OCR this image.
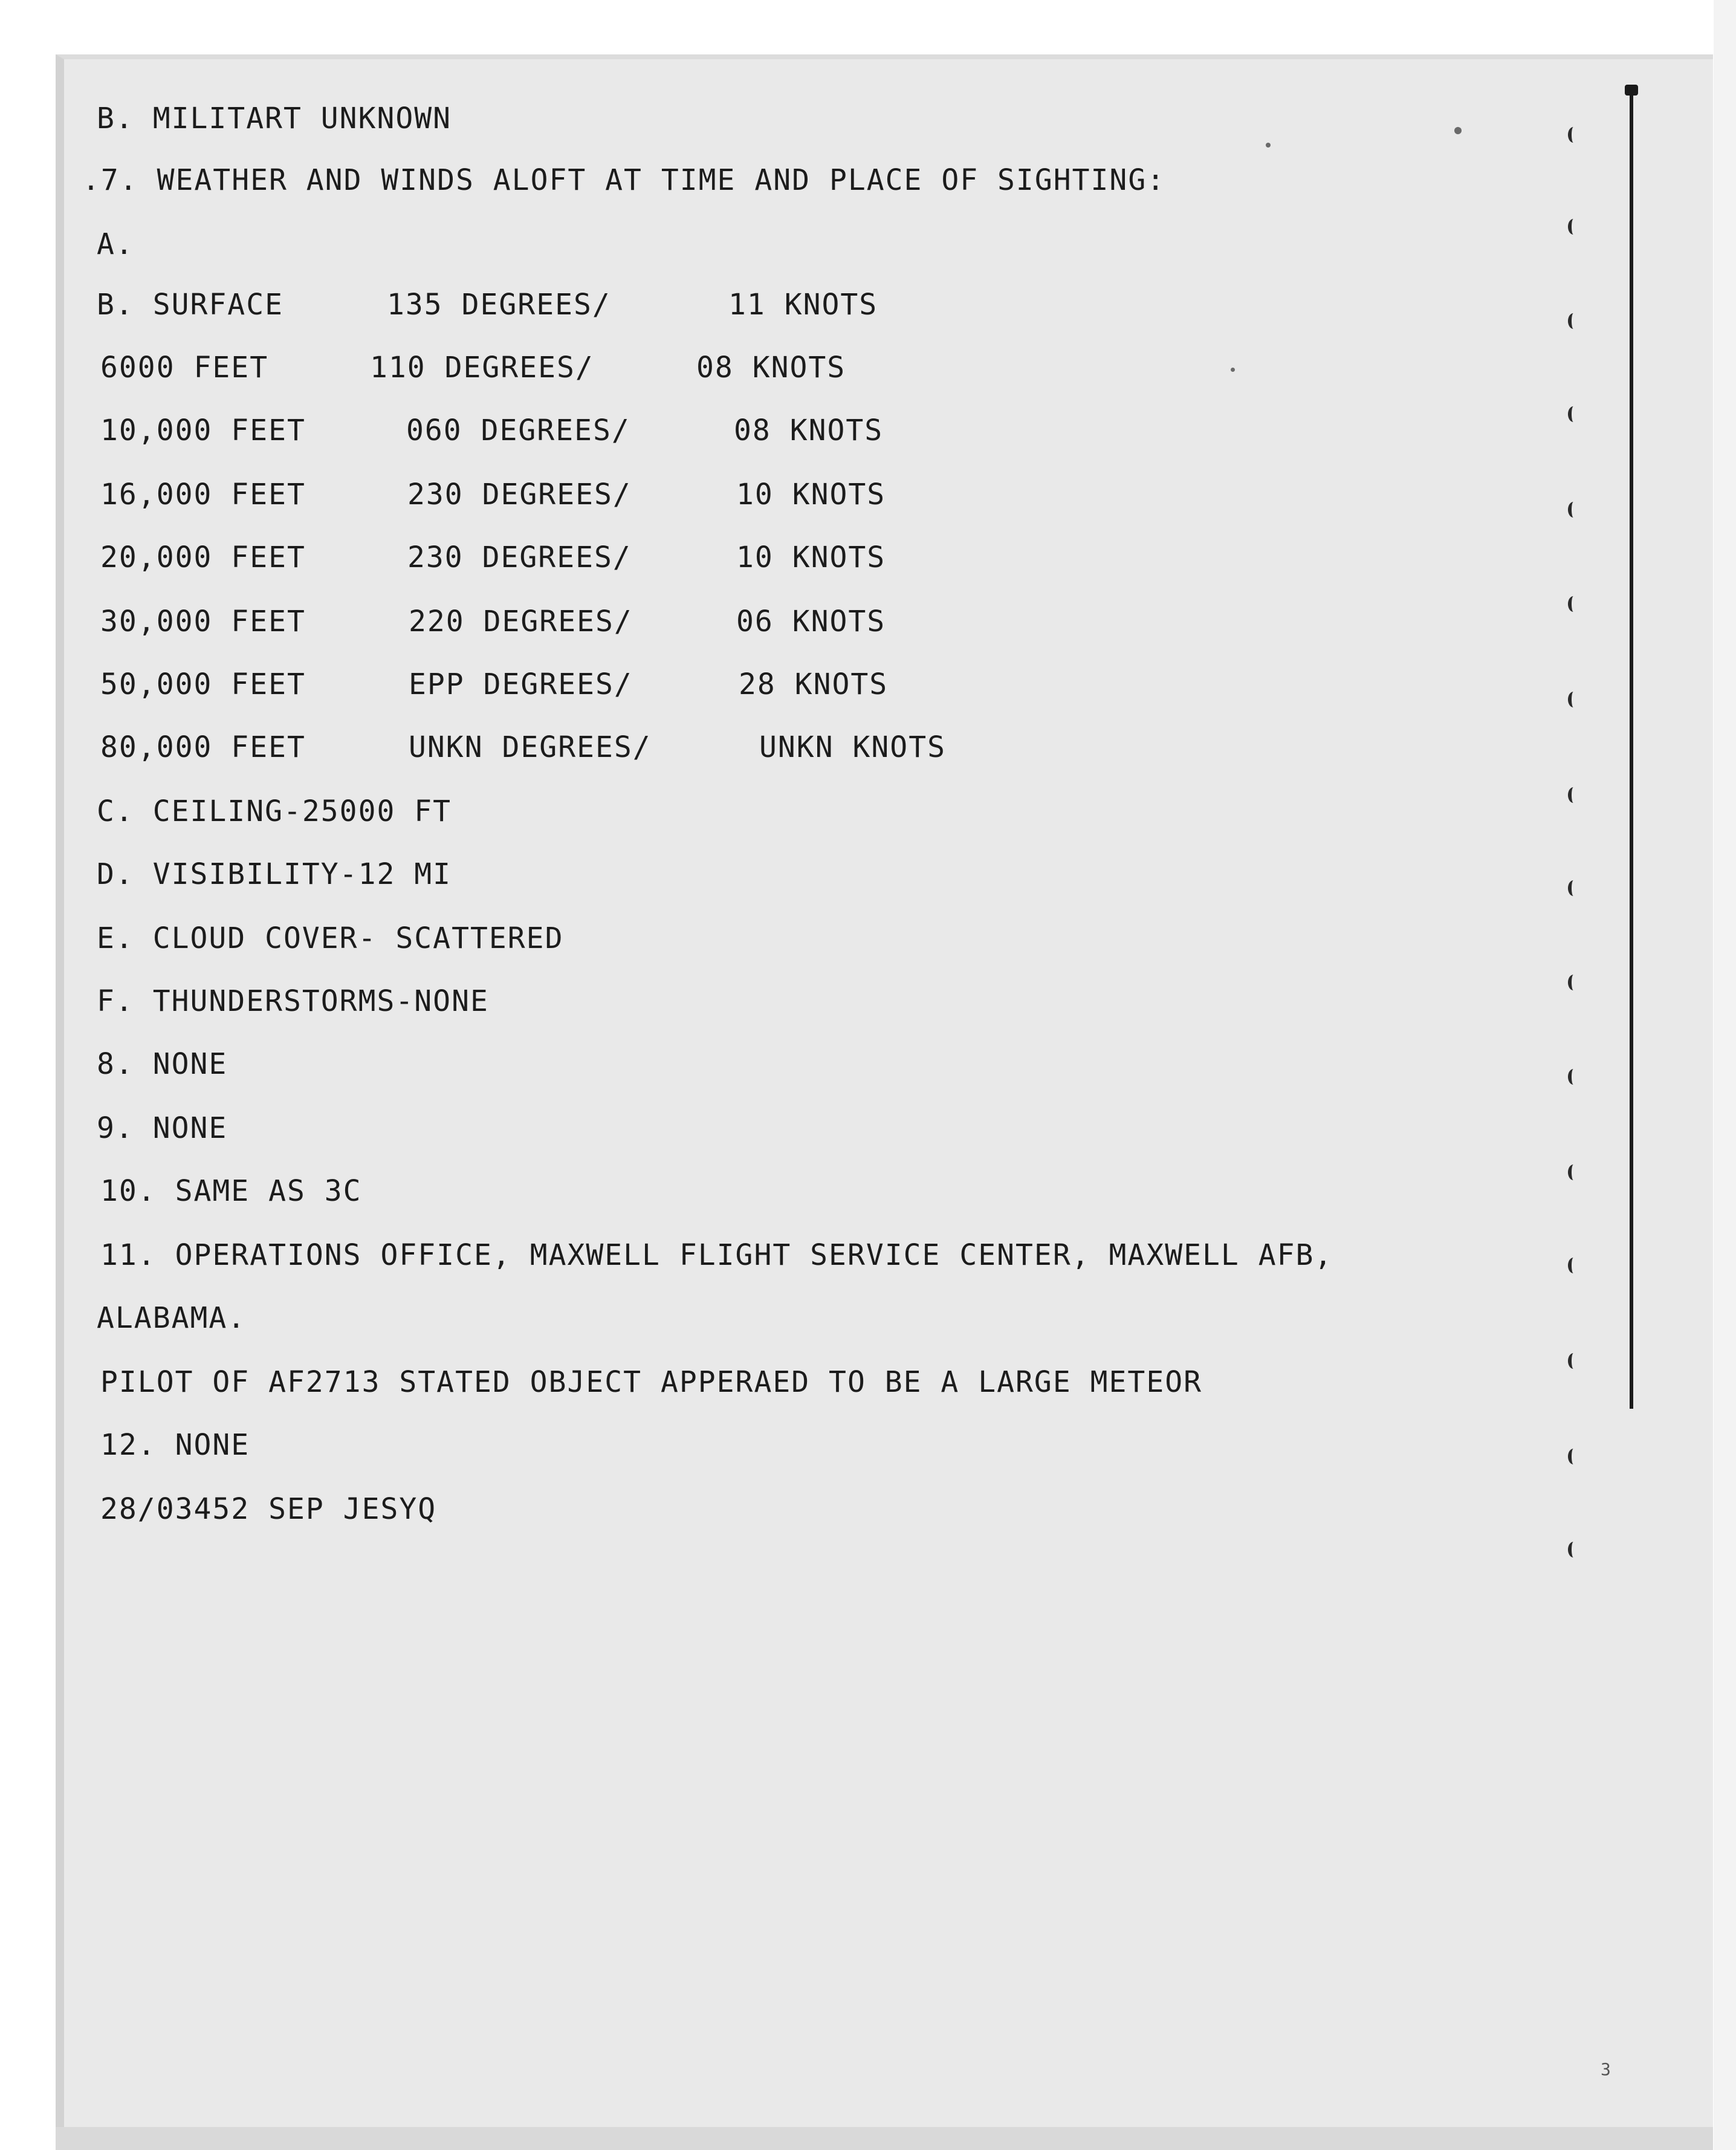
B. MILITART UNKNOWN
.7. WEATHER AND WINDS ALOFT AT TIME AND PLACE OF SIGHTING:
A.
B. SURFACE	135 DEGREES/	11 KNOTS
6000 FEET	110 DEGREES/	08 KNOTS
10,000 FEET	060 DEGREES/	08 KNOTS
16,000 FEET	230 DEGREES/	10 KNOTS
20,000 FEET	230 DEGREES/	10 KNOTS
30,000 FEET	220 DEGREES/	06 KNOTS
50,000 FEET	EPP DEGREES/	28 KNOTS
80,000 FEET	UNKN DEGREES/	UNKN KNOTS
C. CEILING-25000 FT
D. VISIBILITY-12 MI
E. CLOUD COVER- SCATTERED
F. THUNDERSTORMS-NONE
8. NONE
9. NONE
10. SAME AS 3C
11. OPERATIONS OFFICE, MAXWELL FLIGHT SERVICE CENTER, MAXWELL AFB,
ALABAMA.
PILOT OF AF2713 STATED OBJECT APPERAED TO BE A LARGE METEOR
12. NONE
28/03452 SEP JESYQ
3
